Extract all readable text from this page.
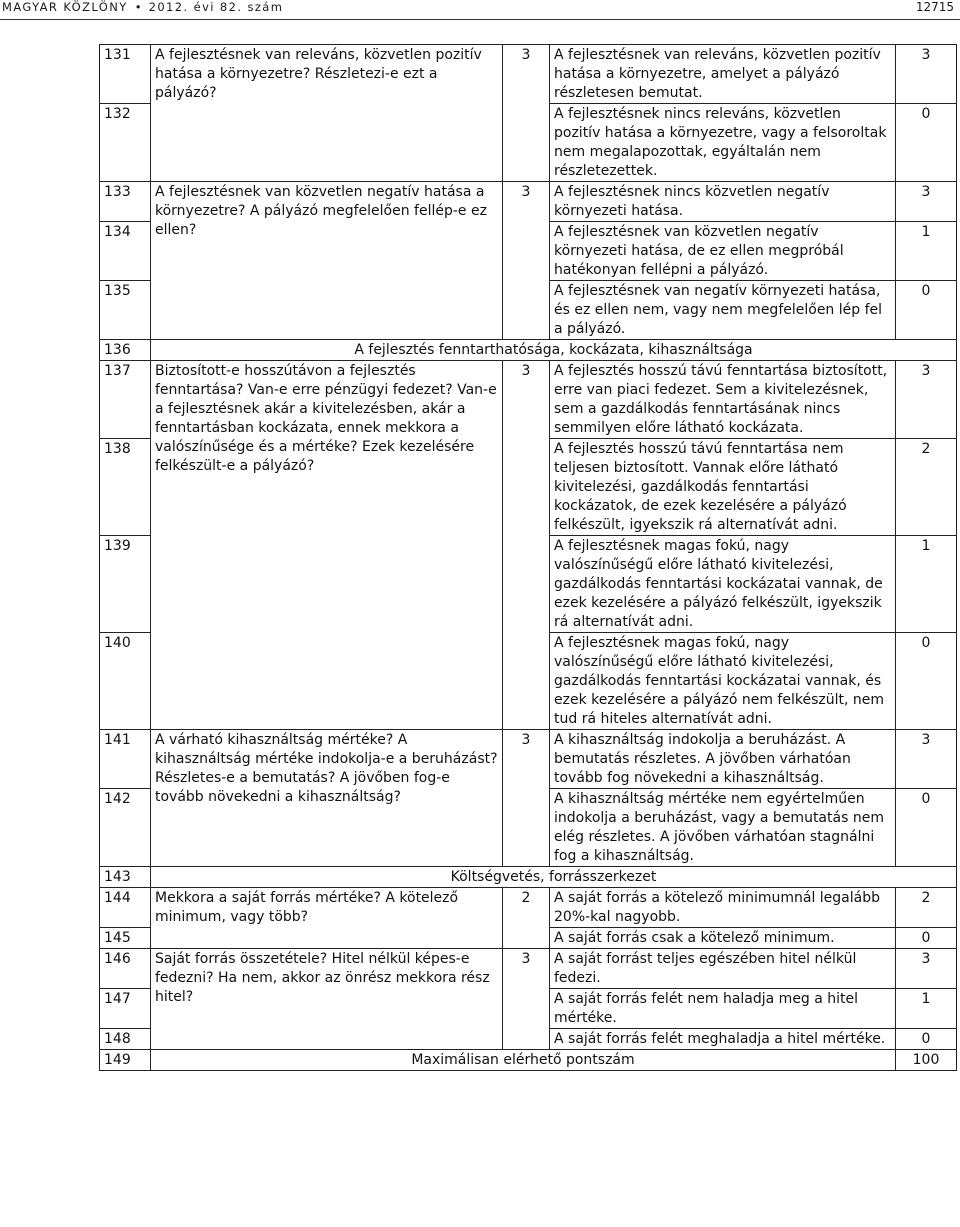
MAGYAR KÖZLÖNY • 2012. évi 82. szám	12715
131	A fejlesztésnek van releváns, közvetlen pozitív hatása a környezetre? Részletezi-e ezt a pályázó?	3	A fejlesztésnek van releváns, közvetlen pozitív hatása a környezetre, amelyet a pályázó részletesen bemutat.	3
132			A fejlesztésnek nincs releváns, közvetlen pozitív hatása a környezetre, vagy a felsoroltak nem megalapozottak, egyáltalán nem részletezettek.	0
133	A fejlesztésnek van közvetlen negatív hatása a környezetre? A pályázó megfelelően fellép-e ez ellen?	3	A fejlesztésnek nincs közvetlen negatív környezeti hatása.	3
134			A fejlesztésnek van közvetlen negatív környezeti hatása, de ez ellen megpróbál hatékonyan fellépni a pályázó.	1
135			A fejlesztésnek van negatív környezeti hatása, és ez ellen nem, vagy nem megfelelően lép fel a pályázó.	0
136	A fejlesztés fenntarthatósága, kockázata, kihasználtsága			
137	Biztosított-e hosszútávon a fejlesztés fenntartása? Van-e erre pénzügyi fedezet? Van-e a fejlesztésnek akár a kivitelezésben, akár a fenntartásban kockázata, ennek mekkora a valószínűsége és a mértéke? Ezek kezelésére felkészült-e a pályázó?	3	A fejlesztés hosszú távú fenntartása biztosított, erre van piaci fedezet. Sem a kivitelezésnek, sem a gazdálkodás fenntartásának nincs semmilyen előre látható kockázata.	3
138			A fejlesztés hosszú távú fenntartása nem teljesen biztosított. Vannak előre látható kivitelezési, gazdálkodás fenntartási kockázatok, de ezek kezelésére a pályázó felkészült, igyekszik rá alternatívát adni.	2
139			A fejlesztésnek magas fokú, nagy valószínűségű előre látható kivitelezési, gazdálkodás fenntartási kockázatai vannak, de ezek kezelésére a pályázó felkészült, igyekszik rá alternatívát adni.	1
140			A fejlesztésnek magas fokú, nagy valószínűségű előre látható kivitelezési, gazdálkodás fenntartási kockázatai vannak, és ezek kezelésére a pályázó nem felkészült, nem tud rá hiteles alternatívát adni.	0
141	A várható kihasználtság mértéke? A kihasználtság mértéke indokolja-e a beruházást? Részletes-e a bemutatás? A jövőben fog-e tovább növekedni a kihasználtság?	3	A kihasználtság indokolja a beruházást. A bemutatás részletes. A jövőben várhatóan tovább fog növekedni a kihasználtság.	3
142			A kihasználtság mértéke nem egyértelműen indokolja a beruházást, vagy a bemutatás nem elég részletes. A jövőben várhatóan stagnálni fog a kihasználtság.	0
143	Költségvetés, forrásszerkezet			
144	Mekkora a saját forrás mértéke? A kötelező minimum, vagy több?	2	A saját forrás a kötelező minimumnál legalább 20%-kal nagyobb.	2
145			A saját forrás csak a kötelező minimum.	0
146	Saját forrás összetétele? Hitel nélkül képes-e fedezni? Ha nem, akkor az önrész mekkora rész hitel?	3	A saját forrást teljes egészében hitel nélkül fedezi.	3
147			A saját forrás felét nem haladja meg a hitel mértéke.	1
148			A saját forrás felét meghaladja a hitel mértéke.	0
149	Maximálisan elérhető pontszám			100
